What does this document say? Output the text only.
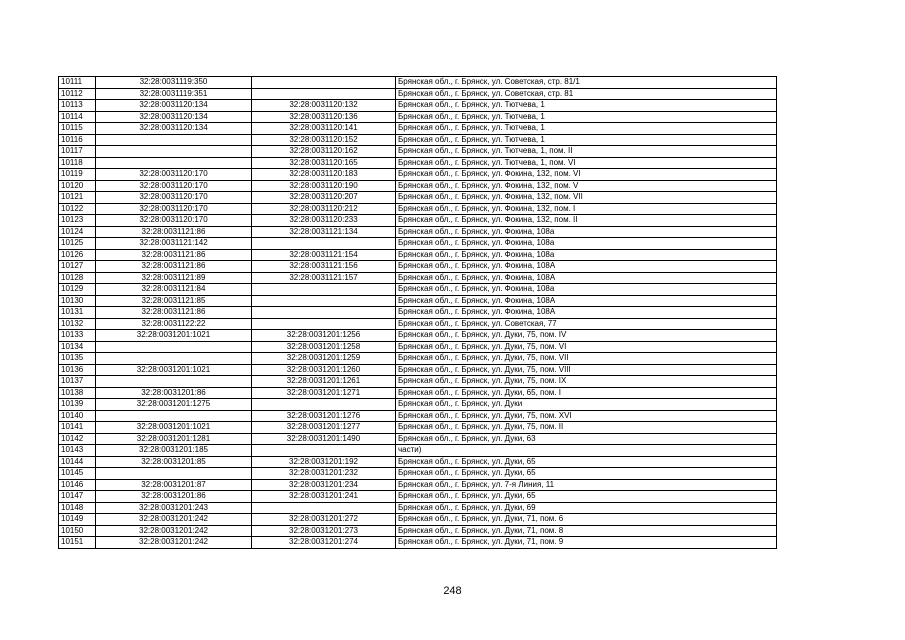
10111	32:28:0031119:350		Брянская обл., г. Брянск, ул. Советская, стр. 81/1
10112	32:28:0031119:351		Брянская обл., г. Брянск, ул. Советская, стр. 81
10113	32:28:0031120:134	32:28:0031120:132	Брянская обл., г. Брянск, ул. Тютчева, 1
10114	32:28:0031120:134	32:28:0031120:136	Брянская обл., г. Брянск, ул. Тютчева, 1
10115	32:28:0031120:134	32:28:0031120:141	Брянская обл., г. Брянск, ул. Тютчева, 1
10116		32:28:0031120:152	Брянская обл., г. Брянск, ул. Тютчева, 1
10117		32:28:0031120:162	Брянская обл., г. Брянск, ул. Тютчева, 1, пом. II
10118		32:28:0031120:165	Брянская обл., г. Брянск, ул. Тютчева, 1, пом. VI
10119	32:28:0031120:170	32:28:0031120:183	Брянская обл., г. Брянск, ул. Фокина, 132, пом. VI
10120	32:28:0031120:170	32:28:0031120:190	Брянская обл., г. Брянск, ул. Фокина, 132, пом. V
10121	32:28:0031120:170	32:28:0031120:207	Брянская обл., г. Брянск, ул. Фокина, 132, пом. VII
10122	32:28:0031120:170	32:28:0031120:212	Брянская обл., г. Брянск, ул. Фокина, 132, пом. I
10123	32:28:0031120:170	32:28:0031120:233	Брянская обл., г. Брянск, ул. Фокина, 132, пом. II
10124	32:28:0031121:86	32:28:0031121:134	Брянская обл., г. Брянск, ул. Фокина, 108а
10125	32:28:0031121:142		Брянская обл., г. Брянск, ул. Фокина, 108а
10126	32:28:0031121:86	32:28:0031121:154	Брянская обл., г. Брянск, ул. Фокина, 108а
10127	32:28:0031121:86	32:28:0031121:156	Брянская обл., г. Брянск, ул. Фокина, 108А
10128	32:28:0031121:89	32:28:0031121:157	Брянская обл., г. Брянск, ул. Фокина, 108А
10129	32:28:0031121:84		Брянская обл., г. Брянск, ул. Фокина, 108а
10130	32:28:0031121:85		Брянская обл., г. Брянск, ул. Фокина, 108А
10131	32:28:0031121:86		Брянская обл., г. Брянск, ул. Фокина, 108А
10132	32:28:0031122:22		Брянская обл., г. Брянск, ул. Советская, 77
10133	32:28:0031201:1021	32:28:0031201:1256	Брянская обл., г. Брянск, ул. Дуки, 75, пом. IV
10134		32:28:0031201:1258	Брянская обл., г. Брянск, ул. Дуки, 75, пом. VI
10135		32:28:0031201:1259	Брянская обл., г. Брянск, ул. Дуки, 75, пом. VII
10136	32:28:0031201:1021	32:28:0031201:1260	Брянская обл., г. Брянск, ул. Дуки, 75, пом. VIII
10137		32:28:0031201:1261	Брянская обл., г. Брянск, ул. Дуки, 75, пом. IX
10138	32:28:0031201:86	32:28:0031201:1271	Брянская обл., г. Брянск, ул. Дуки, 65, пом. I
10139	32:28:0031201:1275		Брянская обл., г. Брянск, ул. Дуки
10140		32:28:0031201:1276	Брянская обл., г. Брянск, ул. Дуки, 75, пом. XVI
10141	32:28:0031201:1021	32:28:0031201:1277	Брянская обл., г. Брянск, ул. Дуки, 75, пом. II
10142	32:28:0031201:1281	32:28:0031201:1490	Брянская обл., г. Брянск, ул. Дуки, 63
10143	32:28:0031201:185		части)
10144	32:28:0031201:85	32:28:0031201:192	Брянская обл., г. Брянск, ул. Дуки, 65
10145		32:28:0031201:232	Брянская обл., г. Брянск, ул. Дуки, 65
10146	32:28:0031201:87	32:28:0031201:234	Брянская обл., г. Брянск, ул. 7-я Линия, 11
10147	32:28:0031201:86	32:28:0031201:241	Брянская обл., г. Брянск, ул. Дуки, 65
10148	32:28:0031201:243		Брянская обл., г. Брянск, ул. Дуки, 69
10149	32:28:0031201:242	32:28:0031201:272	Брянская обл., г. Брянск, ул. Дуки, 71, пом. 6
10150	32:28:0031201:242	32:28:0031201:273	Брянская обл., г. Брянск, ул. Дуки, 71, пом. 8
10151	32:28:0031201:242	32:28:0031201:274	Брянская обл., г. Брянск, ул. Дуки, 71, пом. 9
248
